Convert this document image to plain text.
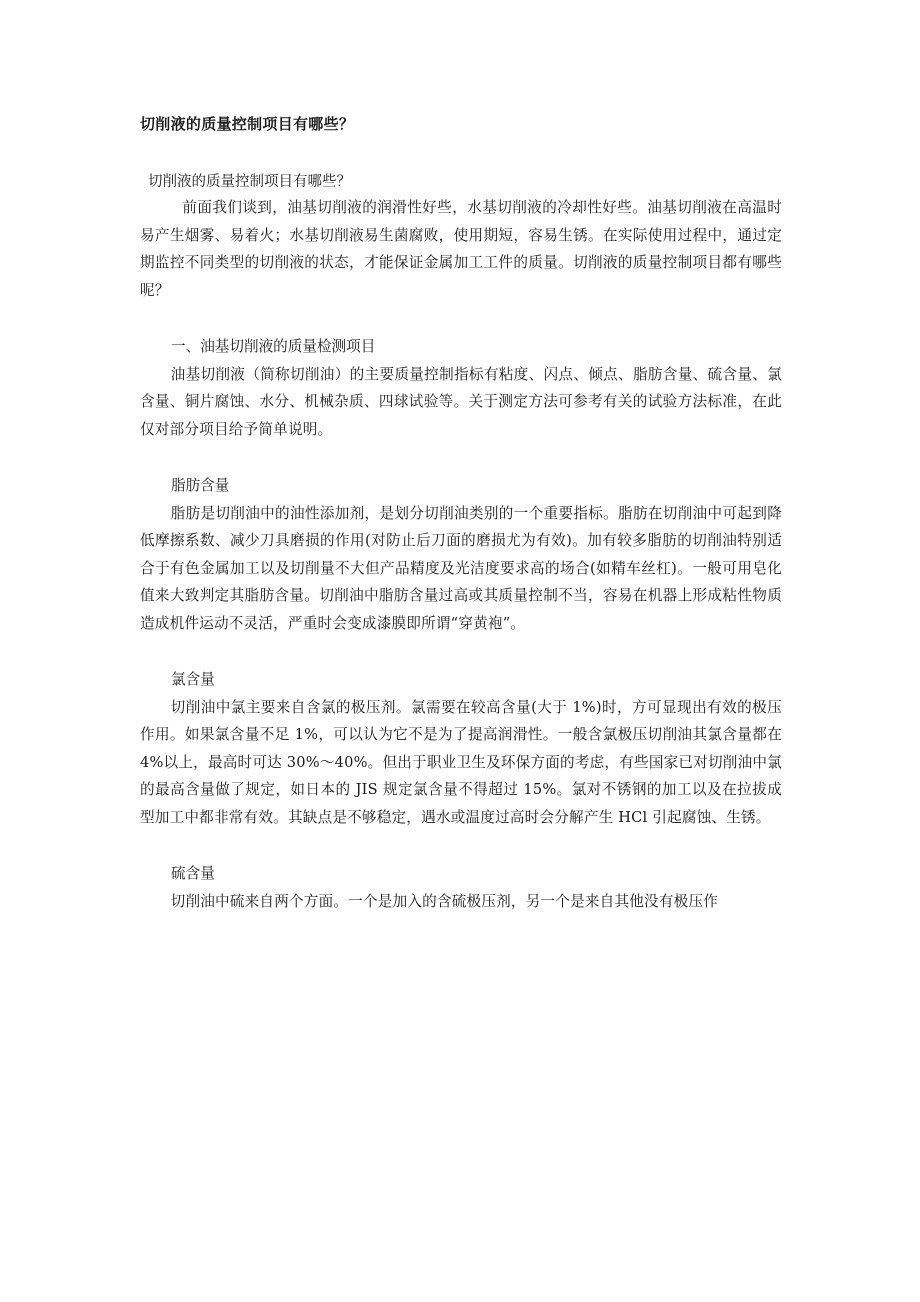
切削液的质量控制项目有哪些？
切削液的质量控制项目有哪些？

前面我们谈到，油基切削液的润滑性好些，水基切削液的冷却性好些。油基切削液在高温时易产生烟雾、易着火；水基切削液易生菌腐败，使用期短，容易生锈。在实际使用过程中，通过定期监控不同类型的切削液的状态，才能保证金属加工工件的质量。切削液的质量控制项目都有哪些呢？

一、油基切削液的质量检测项目

油基切削液（简称切削油）的主要质量控制指标有粘度、闪点、倾点、脂肪含量、硫含量、氯含量、铜片腐蚀、水分、机械杂质、四球试验等。关于测定方法可参考有关的试验方法标准，在此仅对部分项目给予简单说明。

脂肪含量

脂肪是切削油中的油性添加剂，是划分切削油类别的一个重要指标。脂肪在切削油中可起到降低摩擦系数、减少刀具磨损的作用(对防止后刀面的磨损尤为有效)。加有较多脂肪的切削油特别适合于有色金属加工以及切削量不大但产品精度及光洁度要求高的场合(如精车丝杠)。一般可用皂化值来大致判定其脂肪含量。切削油中脂肪含量过高或其质量控制不当，容易在机器上形成粘性物质造成机件运动不灵活，严重时会变成漆膜即所谓“穿黄袍”。

氯含量

切削油中氯主要来自含氯的极压剂。氯需要在较高含量(大于 1%)时，方可显现出有效的极压作用。如果氯含量不足 1%，可以认为它不是为了提高润滑性。一般含氯极压切削油其氯含量都在 4%以上，最高时可达 30%～40%。但出于职业卫生及环保方面的考虑，有些国家已对切削油中氯的最高含量做了规定，如日本的 JIS 规定氯含量不得超过 15%。氯对不锈钢的加工以及在拉拔成型加工中都非常有效。其缺点是不够稳定，遇水或温度过高时会分解产生 HCl 引起腐蚀、生锈。

硫含量

切削油中硫来自两个方面。一个是加入的含硫极压剂，另一个是来自其他没有极压作
